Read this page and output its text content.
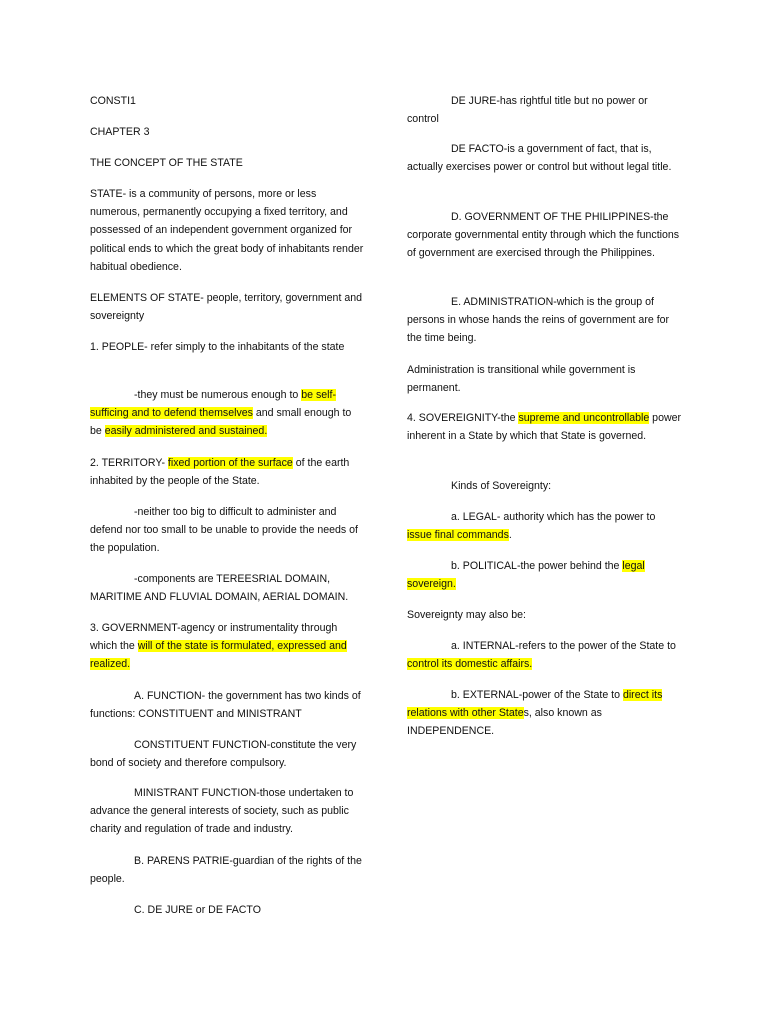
CONSTI1

CHAPTER 3

THE CONCEPT OF THE STATE

STATE- is a community of persons, more or less numerous, permanently occupying a fixed territory, and possessed of an independent government organized for political ends to which the great body of inhabitants render habitual obedience.

ELEMENTS OF STATE- people, territory, government and sovereignty

1. PEOPLE- refer simply to the inhabitants of the state

-they must be numerous enough to be self-sufficing and to defend themselves and small enough to be easily administered and sustained.

2. TERRITORY- fixed portion of the surface of the earth inhabited by the people of the State.

-neither too big to difficult to administer and defend nor too small to be unable to provide the needs of the population.

-components are TEREESRIAL DOMAIN, MARITIME AND FLUVIAL DOMAIN, AERIAL DOMAIN.

3. GOVERNMENT-agency or instrumentality through which the will of the state is formulated, expressed and realized.

A. FUNCTION- the government has two kinds of functions: CONSTITUENT and MINISTRANT

CONSTITUENT FUNCTION-constitute the very bond of society and therefore compulsory.

MINISTRANT FUNCTION-those undertaken to advance the general interests of society, such as public charity and regulation of trade and industry.

B. PARENS PATRIE-guardian of the rights of the people.

C. DE JURE or DE FACTO

DE JURE-has rightful title but no power or control

DE FACTO-is a government of fact, that is, actually exercises power or control but without legal title.

D. GOVERNMENT OF THE PHILIPPINES-the corporate governmental entity through which the functions of government are exercised through the Philippines.

E. ADMINISTRATION-which is the group of persons in whose hands the reins of government are for the time being.

Administration is transitional while government is permanent.

4. SOVEREIGNITY-the supreme and uncontrollable power inherent in a State by which that State is governed.

Kinds of Sovereignty:

a. LEGAL- authority which has the power to issue final commands.

b. POLITICAL-the power behind the legal sovereign.

Sovereignty may also be:

a. INTERNAL-refers to the power of the State to control its domestic affairs.

b. EXTERNAL-power of the State to direct its relations with other States, also known as INDEPENDENCE.
